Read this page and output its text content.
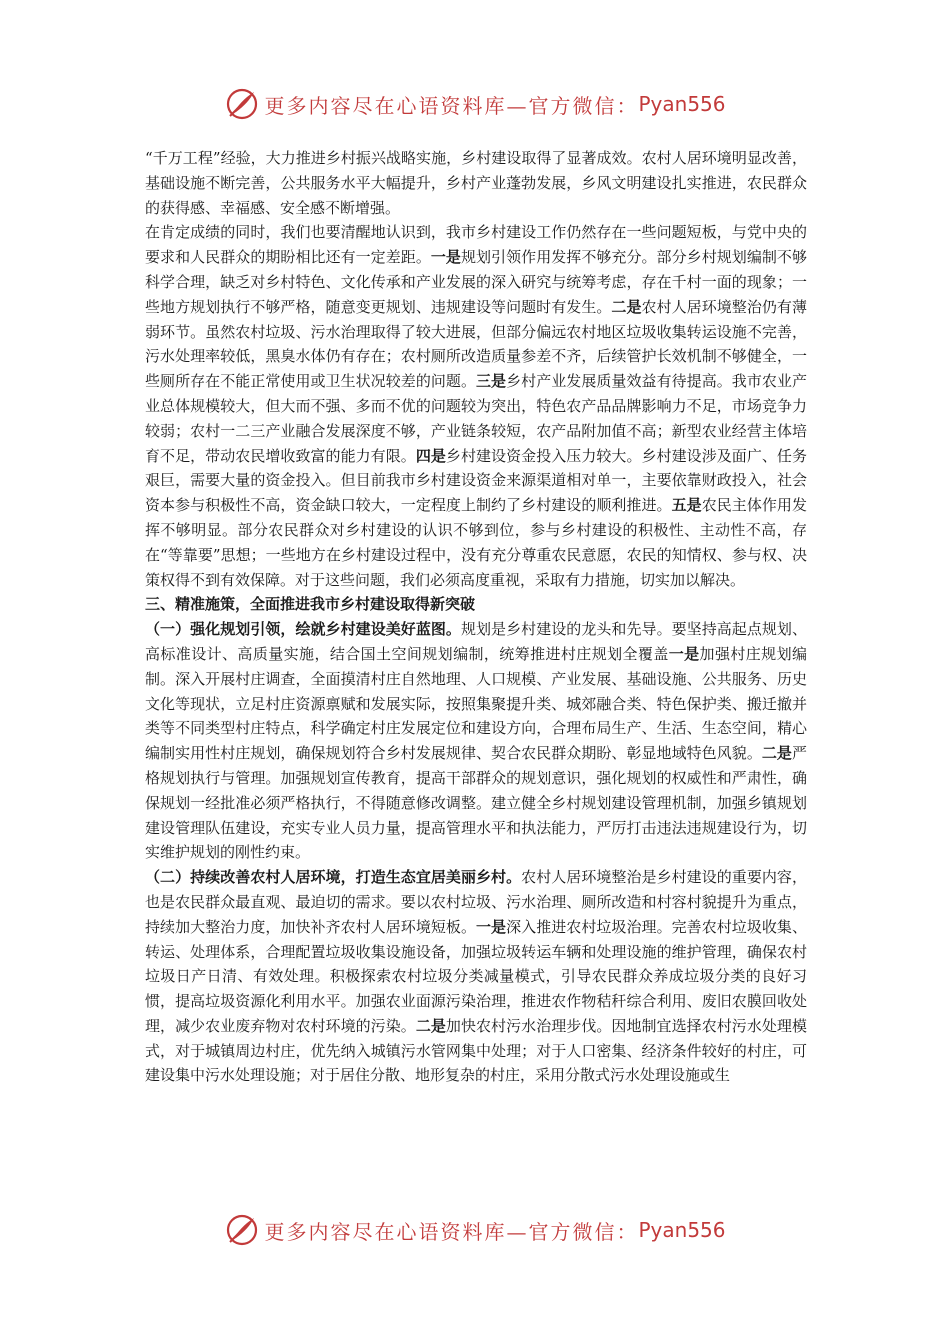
更多内容尽在心语资料库—官方微信： Pyan556

“千万工程”经验，大力推进乡村振兴战略实施，乡村建设取得了显著成效。农村人居环境明显改善，基础设施不断完善，公共服务水平大幅提升，乡村产业蓬勃发展，乡风文明建设扎实推进，农民群众的获得感、幸福感、安全感不断增强。

在肯定成绩的同时，我们也要清醒地认识到，我市乡村建设工作仍然存在一些问题短板，与党中央的要求和人民群众的期盼相比还有一定差距。一是规划引领作用发挥不够充分。部分乡村规划编制不够科学合理，缺乏对乡村特色、文化传承和产业发展的深入研究与统筹考虑，存在千村一面的现象；一些地方规划执行不够严格，随意变更规划、违规建设等问题时有发生。二是农村人居环境整治仍有薄弱环节。虽然农村垃圾、污水治理取得了较大进展，但部分偏远农村地区垃圾收集转运设施不完善，污水处理率较低，黑臭水体仍有存在；农村厕所改造质量参差不齐，后续管护长效机制不够健全，一些厕所存在不能正常使用或卫生状况较差的问题。三是乡村产业发展质量效益有待提高。我市农业产业总体规模较大，但大而不强、多而不优的问题较为突出，特色农产品品牌影响力不足，市场竞争力较弱；农村一二三产业融合发展深度不够，产业链条较短，农产品附加值不高；新型农业经营主体培育不足，带动农民增收致富的能力有限。四是乡村建设资金投入压力较大。乡村建设涉及面广、任务艰巨，需要大量的资金投入。但目前我市乡村建设资金来源渠道相对单一，主要依靠财政投入，社会资本参与积极性不高，资金缺口较大，一定程度上制约了乡村建设的顺利推进。五是农民主体作用发挥不够明显。部分农民群众对乡村建设的认识不够到位，参与乡村建设的积极性、主动性不高，存在“等靠要”思想；一些地方在乡村建设过程中，没有充分尊重农民意愿，农民的知情权、参与权、决策权得不到有效保障。对于这些问题，我们必须高度重视，采取有力措施，切实加以解决。

三、精准施策，全面推进我市乡村建设取得新突破

（一）强化规划引领，绘就乡村建设美好蓝图。规划是乡村建设的龙头和先导。要坚持高起点规划、高标准设计、高质量实施，结合国土空间规划编制，统筹推进村庄规划全覆盖一是加强村庄规划编制。深入开展村庄调查，全面摸清村庄自然地理、人口规模、产业发展、基础设施、公共服务、历史文化等现状，立足村庄资源禀赋和发展实际，按照集聚提升类、城郊融合类、特色保护类、搬迁撤并类等不同类型村庄特点，科学确定村庄发展定位和建设方向，合理布局生产、生活、生态空间，精心编制实用性村庄规划，确保规划符合乡村发展规律、契合农民群众期盼、彰显地域特色风貌。二是严格规划执行与管理。加强规划宣传教育，提高干部群众的规划意识，强化规划的权威性和严肃性，确保规划一经批准必须严格执行，不得随意修改调整。建立健全乡村规划建设管理机制，加强乡镇规划建设管理队伍建设，充实专业人员力量，提高管理水平和执法能力，严厉打击违法违规建设行为，切实维护规划的刚性约束。

（二）持续改善农村人居环境，打造生态宜居美丽乡村。农村人居环境整治是乡村建设的重要内容，也是农民群众最直观、最迫切的需求。要以农村垃圾、污水治理、厕所改造和村容村貌提升为重点，持续加大整治力度，加快补齐农村人居环境短板。一是深入推进农村垃圾治理。完善农村垃圾收集、转运、处理体系，合理配置垃圾收集设施设备，加强垃圾转运车辆和处理设施的维护管理，确保农村垃圾日产日清、有效处理。积极探索农村垃圾分类减量模式，引导农民群众养成垃圾分类的良好习惯，提高垃圾资源化利用水平。加强农业面源污染治理，推进农作物秸秆综合利用、废旧农膜回收处理，减少农业废弃物对农村环境的污染。二是加快农村污水治理步伐。因地制宜选择农村污水处理模式，对于城镇周边村庄，优先纳入城镇污水管网集中处理；对于人口密集、经济条件较好的村庄，可建设集中污水处理设施；对于居住分散、地形复杂的村庄，采用分散式污水处理设施或生

更多内容尽在心语资料库—官方微信： Pyan556
